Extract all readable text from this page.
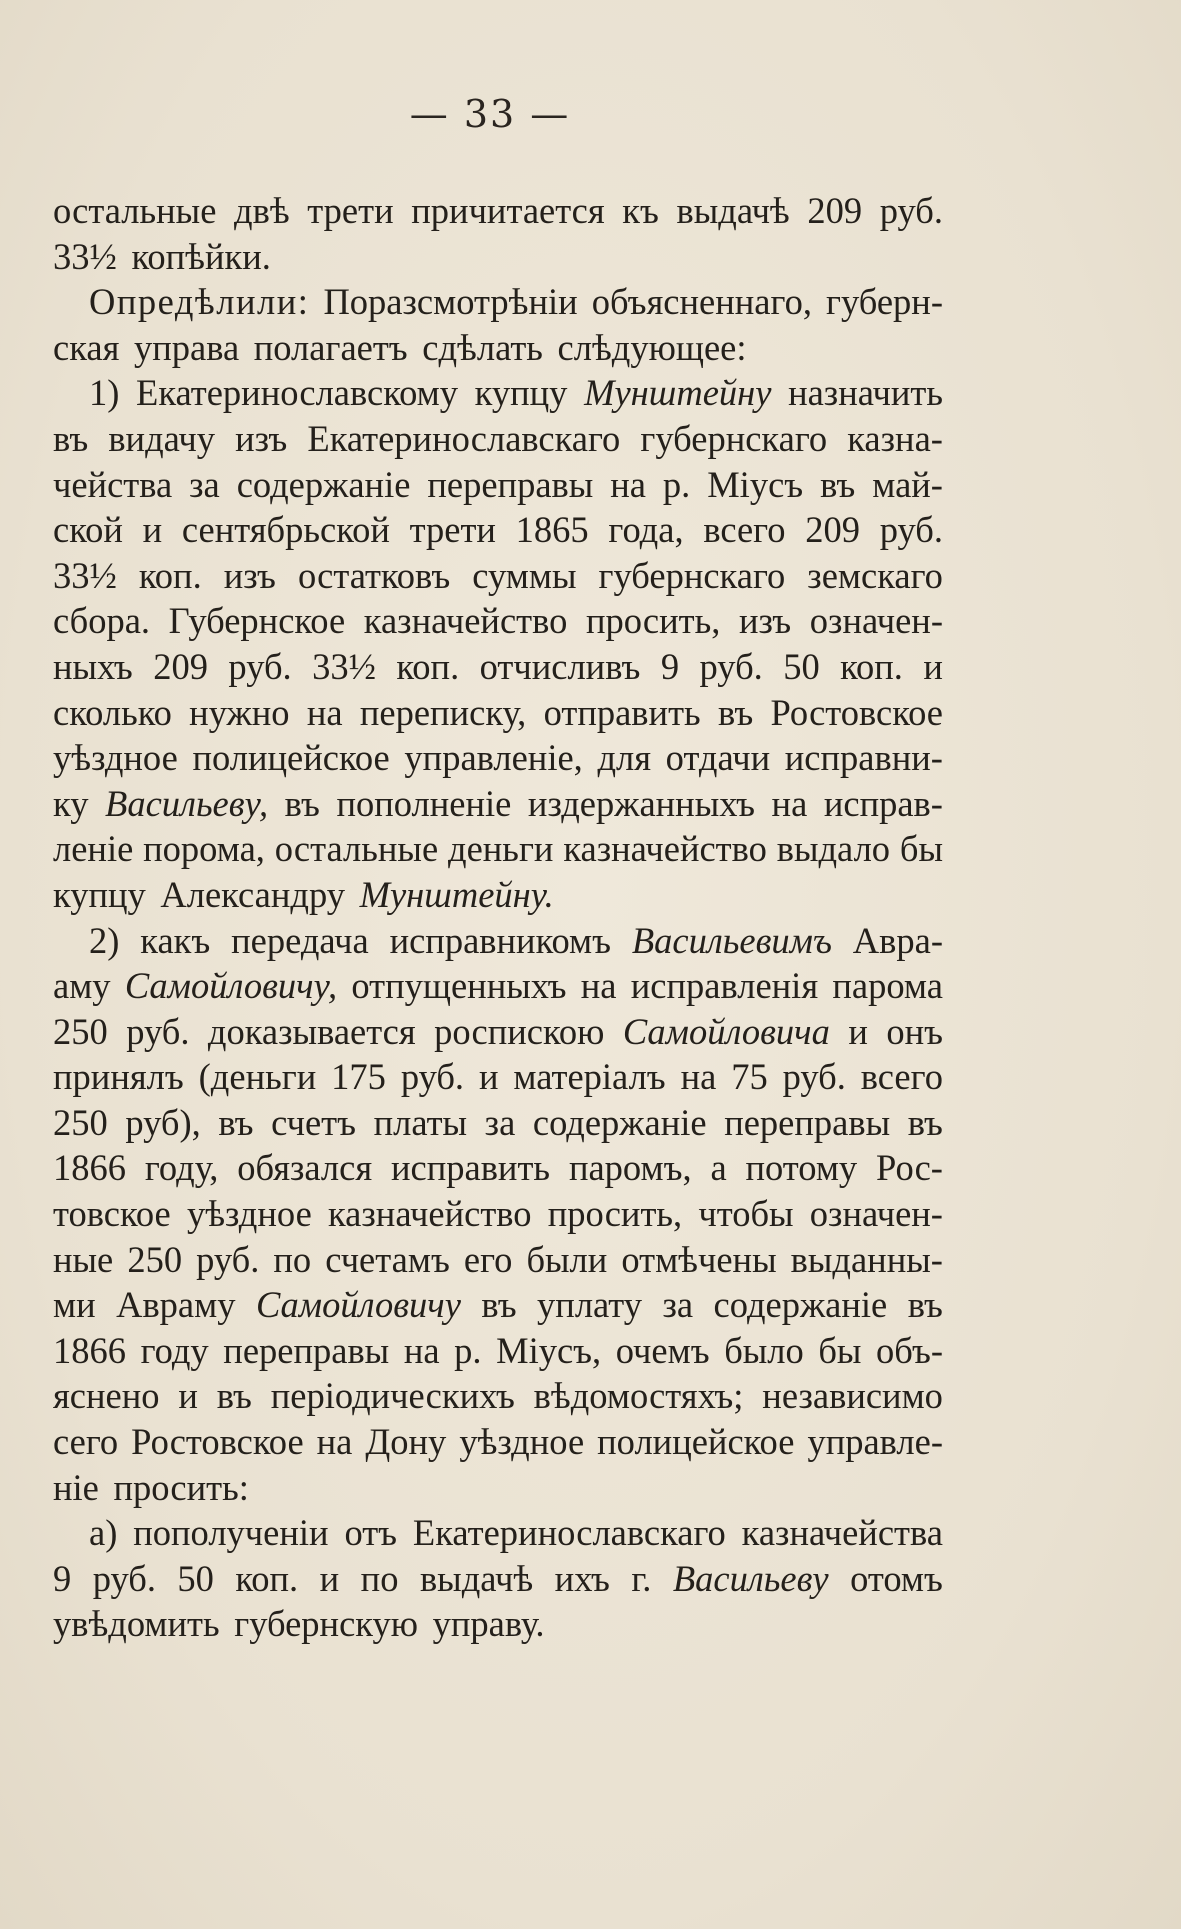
— 33 —
остальные двѣ трети причитается къ выдачѣ 209 руб.
33½ копѣйки.
Опредѣлили: Поразсмотрѣніи объясненнаго, губерн-
ская управа полагаетъ сдѣлать слѣдующее:
1) Екатеринославскому купцу Мунштейну назначить
въ видачу изъ Екатеринославскаго губернскаго казна-
чейства за содержаніе переправы на р. Міусъ въ май-
ской и сентябрьской трети 1865 года, всего 209 руб.
33½ коп. изъ остатковъ суммы губернскаго земскаго
сбора. Губернское казначейство просить, изъ означен-
ныхъ 209 руб. 33½ коп. отчисливъ 9 руб. 50 коп. и
сколько нужно на переписку, отправить въ Ростовское
уѣздное полицейское управленіе, для отдачи исправни-
ку Васильеву, въ пополненіе издержанныхъ на исправ-
леніе порома, остальные деньги казначейство выдало бы
купцу Александру Мунштейну.
2) какъ передача исправникомъ Васильевимъ Авра-
аму Самойловичу, отпущенныхъ на исправленія парома
250 руб. доказывается роспискою Самойловича и онъ
принялъ (деньги 175 руб. и матеріалъ на 75 руб. всего
250 руб), въ счетъ платы за содержаніе переправы въ
1866 году, обязался исправить паромъ, а потому Рос-
товское уѣздное казначейство просить, чтобы означен-
ные 250 руб. по счетамъ его были отмѣчены выданны-
ми Авраму Самойловичу въ уплату за содержаніе въ
1866 году переправы на р. Міусъ, очемъ было бы объ-
яснено и въ періодическихъ вѣдомостяхъ; независимо
сего Ростовское на Дону уѣздное полицейское управле-
ніе просить:
а) пополученіи отъ Екатеринославскаго казначейства
9 руб. 50 коп. и по выдачѣ ихъ г. Васильеву отомъ
увѣдомить губернскую управу.
